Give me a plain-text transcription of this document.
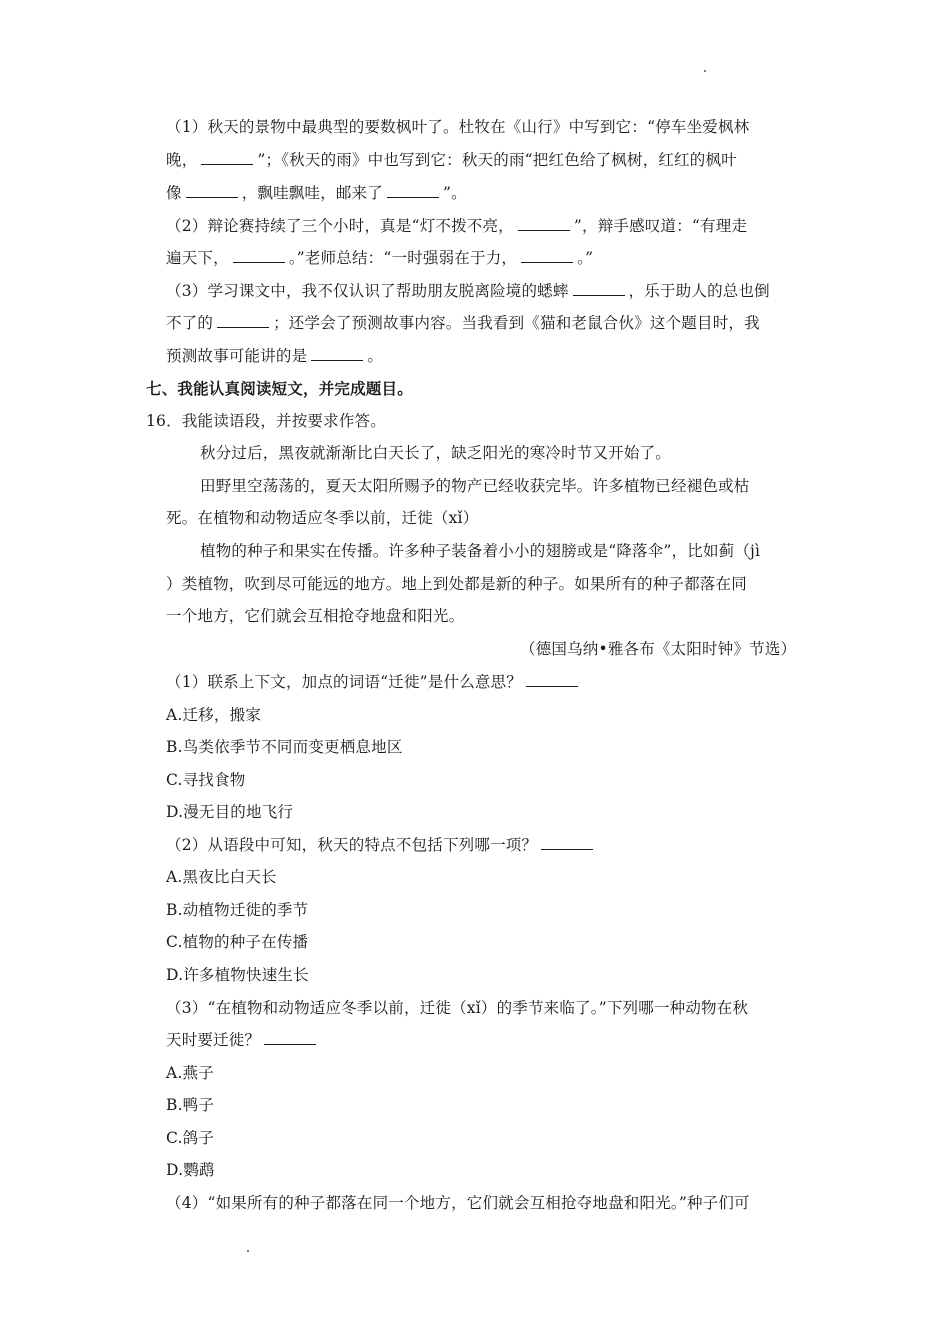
（1）秋天的景物中最典型的要数枫叶了。杜牧在《山行》中写到它：“停车坐爱枫林
晚，	”；《秋天的雨》中也写到它：秋天的雨“把红色给了枫树，红红的枫叶
像	，飘哇飘哇，邮来了	”。
（2）辩论赛持续了三个小时，真是“灯不拨不亮，	”，辩手感叹道：“有理走
遍天下，	。”老师总结：“一时强弱在于力，	。”
（3）学习课文中，我不仅认识了帮助朋友脱离险境的蟋蟀	，乐于助人的总也倒
不了的	；还学会了预测故事内容。当我看到《猫和老鼠合伙》这个题目时，我
预测故事可能讲的是	。
七、我能认真阅读短文，并完成题目。
16．我能读语段，并按要求作答。
秋分过后，黑夜就渐渐比白天长了，缺乏阳光的寒冷时节又开始了。
田野里空荡荡的，夏天太阳所赐予的物产已经收获完毕。许多植物已经褪色或枯
死。在植物和动物适应冬季以前，迁徙（xǐ）
植物的种子和果实在传播。许多种子装备着小小的翅膀或是“降落伞”，比如蓟（jì
）类植物，吹到尽可能远的地方。地上到处都是新的种子。如果所有的种子都落在同
一个地方，它们就会互相抢夺地盘和阳光。
（德国乌纳•雅各布《太阳时钟》节选）
（1）联系上下文，加点的词语“迁徙”是什么意思？
A.迁移，搬家
B.鸟类依季节不同而变更栖息地区
C.寻找食物
D.漫无目的地飞行
（2）从语段中可知，秋天的特点不包括下列哪一项？
A.黑夜比白天长
B.动植物迁徙的季节
C.植物的种子在传播
D.许多植物快速生长
（3）“在植物和动物适应冬季以前，迁徙（xǐ）的季节来临了。”下列哪一种动物在秋
天时要迁徙？
A.燕子
B.鸭子
C.鸽子
D.鹦鹉
（4）“如果所有的种子都落在同一个地方，它们就会互相抢夺地盘和阳光。”种子们可
